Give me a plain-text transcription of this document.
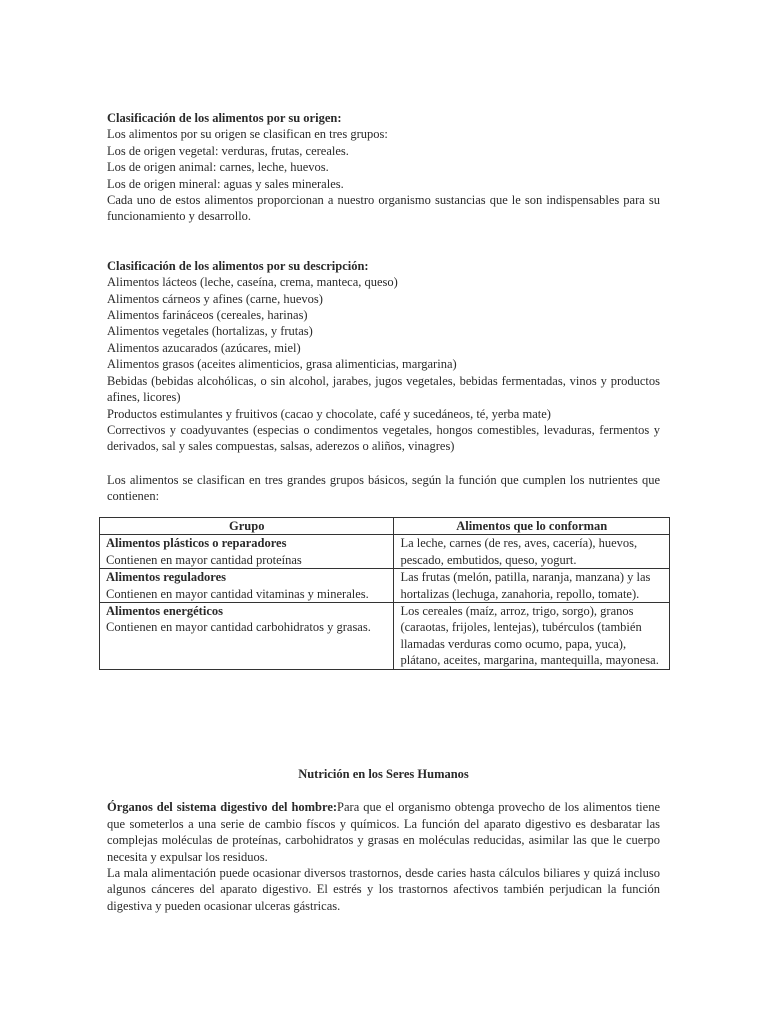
Clasificación de los alimentos por su origen:

Los alimentos por su origen se clasifican en tres grupos:

Los de origen vegetal: verduras, frutas, cereales.

Los de origen animal: carnes, leche, huevos.

Los de origen mineral: aguas y sales minerales.

Cada uno de estos alimentos proporcionan a nuestro organismo sustancias que le son indispensables para su funcionamiento y desarrollo.

Clasificación de los alimentos por su descripción:

Alimentos lácteos (leche, caseína, crema, manteca, queso)

Alimentos cárneos y afines (carne, huevos)

Alimentos farináceos (cereales, harinas)

Alimentos vegetales (hortalizas, y frutas)

Alimentos azucarados (azúcares, miel)

Alimentos grasos (aceites alimenticios, grasa alimenticias, margarina)

Bebidas (bebidas alcohólicas, o sin alcohol, jarabes, jugos vegetales, bebidas fermentadas, vinos y productos afines, licores)

Productos estimulantes y fruitivos (cacao y chocolate, café y sucedáneos, té, yerba mate)

Correctivos y coadyuvantes (especias o condimentos vegetales, hongos comestibles, levaduras, fermentos y derivados, sal y sales compuestas, salsas, aderezos o aliños, vinagres)

Los alimentos se clasifican en tres grandes grupos básicos, según la función que cumplen los nutrientes que contienen:

Grupo	Alimentos que lo conforman

Alimentos plásticos o reparadores
Contienen en mayor cantidad proteínas	La leche, carnes (de res, aves, cacería), huevos, pescado, embutidos, queso, yogurt.

Alimentos reguladores
Contienen en mayor cantidad vitaminas y minerales.	Las frutas (melón, patilla, naranja, manzana) y las hortalizas (lechuga, zanahoria, repollo, tomate).

Alimentos energéticos
Contienen en mayor cantidad carbohidratos y grasas.	Los cereales (maíz, arroz, trigo, sorgo), granos (caraotas, frijoles, lentejas), tubérculos (también llamadas verduras como ocumo, papa, yuca), plátano, aceites, margarina, mantequilla, mayonesa.

Nutrición en los Seres Humanos

Órganos del sistema digestivo del hombre:Para que el organismo obtenga provecho de los alimentos tiene que someterlos a una serie de cambio físcos y químicos. La función del aparato digestivo es desbaratar las complejas moléculas de proteínas, carbohidratos y grasas en moléculas reducidas, asimilar las que le cuerpo necesita y expulsar los residuos.

La mala alimentación puede ocasionar diversos trastornos, desde caries hasta cálculos biliares y quizá incluso algunos cánceres del aparato digestivo. El estrés y los trastornos afectivos también perjudican la función digestiva y pueden ocasionar ulceras gástricas.
